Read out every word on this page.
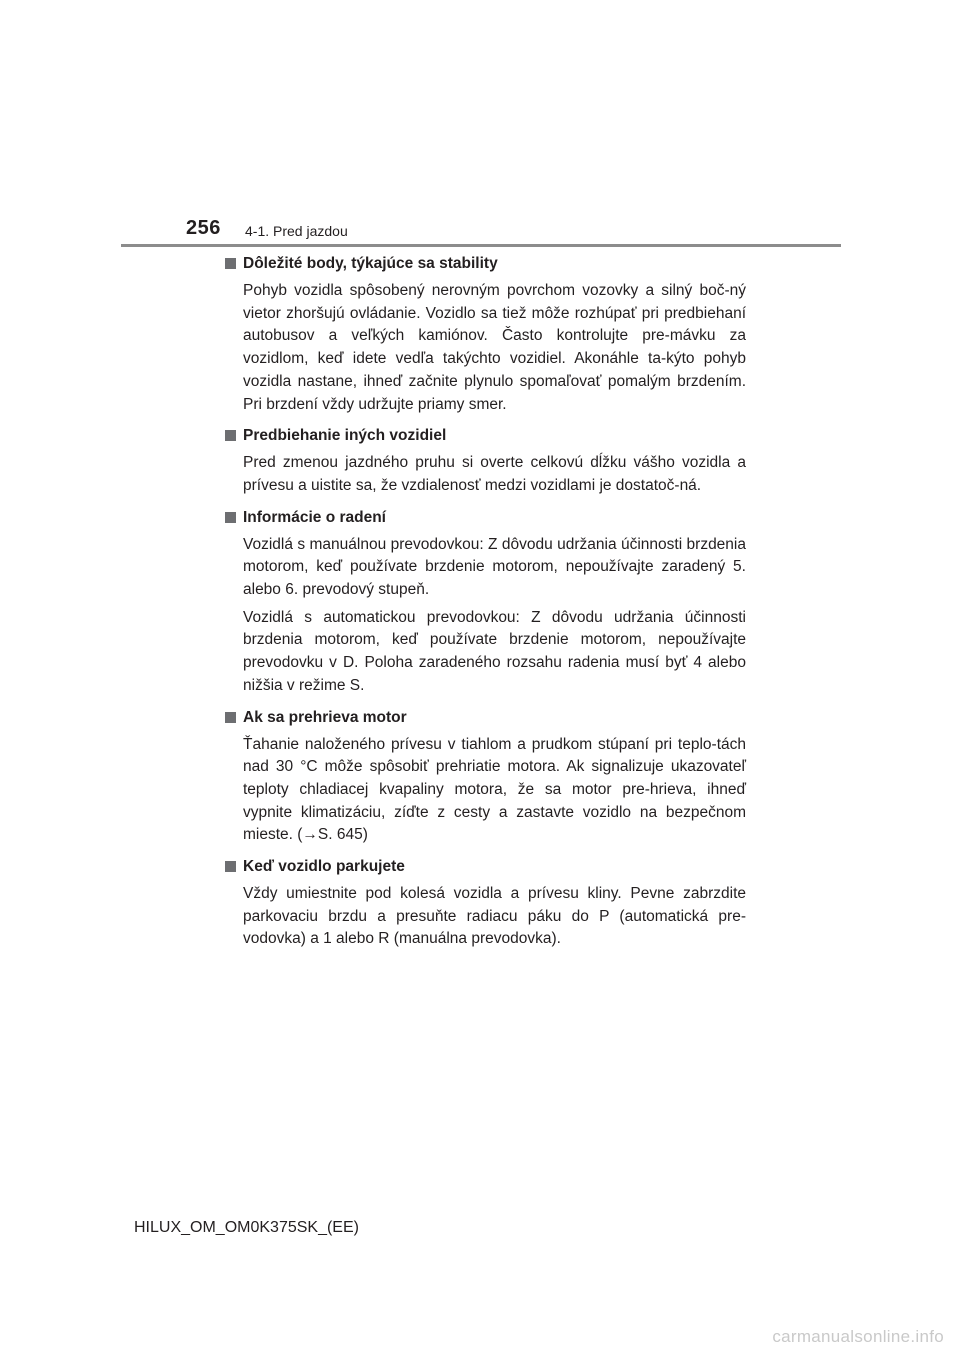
256 4-1. Pred jazdou
Dôležité body, týkajúce sa stability

Pohyb vozidla spôsobený nerovným povrchom vozovky a silný boč-ný vietor zhoršujú ovládanie. Vozidlo sa tiež môže rozhúpať pri predbiehaní autobusov a veľkých kamiónov. Často kontrolujte pre-mávku za vozidlom, keď idete vedľa takýchto vozidiel. Akonáhle ta-kýto pohyb vozidla nastane, ihneď začnite plynulo spomaľovať pomalým brzdením. Pri brzdení vždy udržujte priamy smer.

Predbiehanie iných vozidiel

Pred zmenou jazdného pruhu si overte celkovú dĺžku vášho vozidla a prívesu a uistite sa, že vzdialenosť medzi vozidlami je dostatoč-ná.

Informácie o radení

Vozidlá s manuálnou prevodovkou: Z dôvodu udržania účinnosti brzdenia motorom, keď používate brzdenie motorom, nepoužívajte zaradený 5. alebo 6. prevodový stupeň.

Vozidlá s automatickou prevodovkou: Z dôvodu udržania účinnosti brzdenia motorom, keď používate brzdenie motorom, nepoužívajte prevodovku v D. Poloha zaradeného rozsahu radenia musí byť 4 alebo nižšia v režime S.

Ak sa prehrieva motor

Ťahanie naloženého prívesu v tiahlom a prudkom stúpaní pri teplo-tách nad 30 °C môže spôsobiť prehriatie motora. Ak signalizuje ukazovateľ teploty chladiacej kvapaliny motora, že sa motor pre-hrieva, ihneď vypnite klimatizáciu, zíďte z cesty a zastavte vozidlo na bezpečnom mieste. (→S. 645)

Keď vozidlo parkujete

Vždy umiestnite pod kolesá vozidla a prívesu kliny. Pevne zabrzdite parkovaciu brzdu a presuňte radiacu páku do P (automatická pre-vodovka) a 1 alebo R (manuálna prevodovka).

HILUX_OM_OM0K375SK_(EE)
carmanualsonline.info
